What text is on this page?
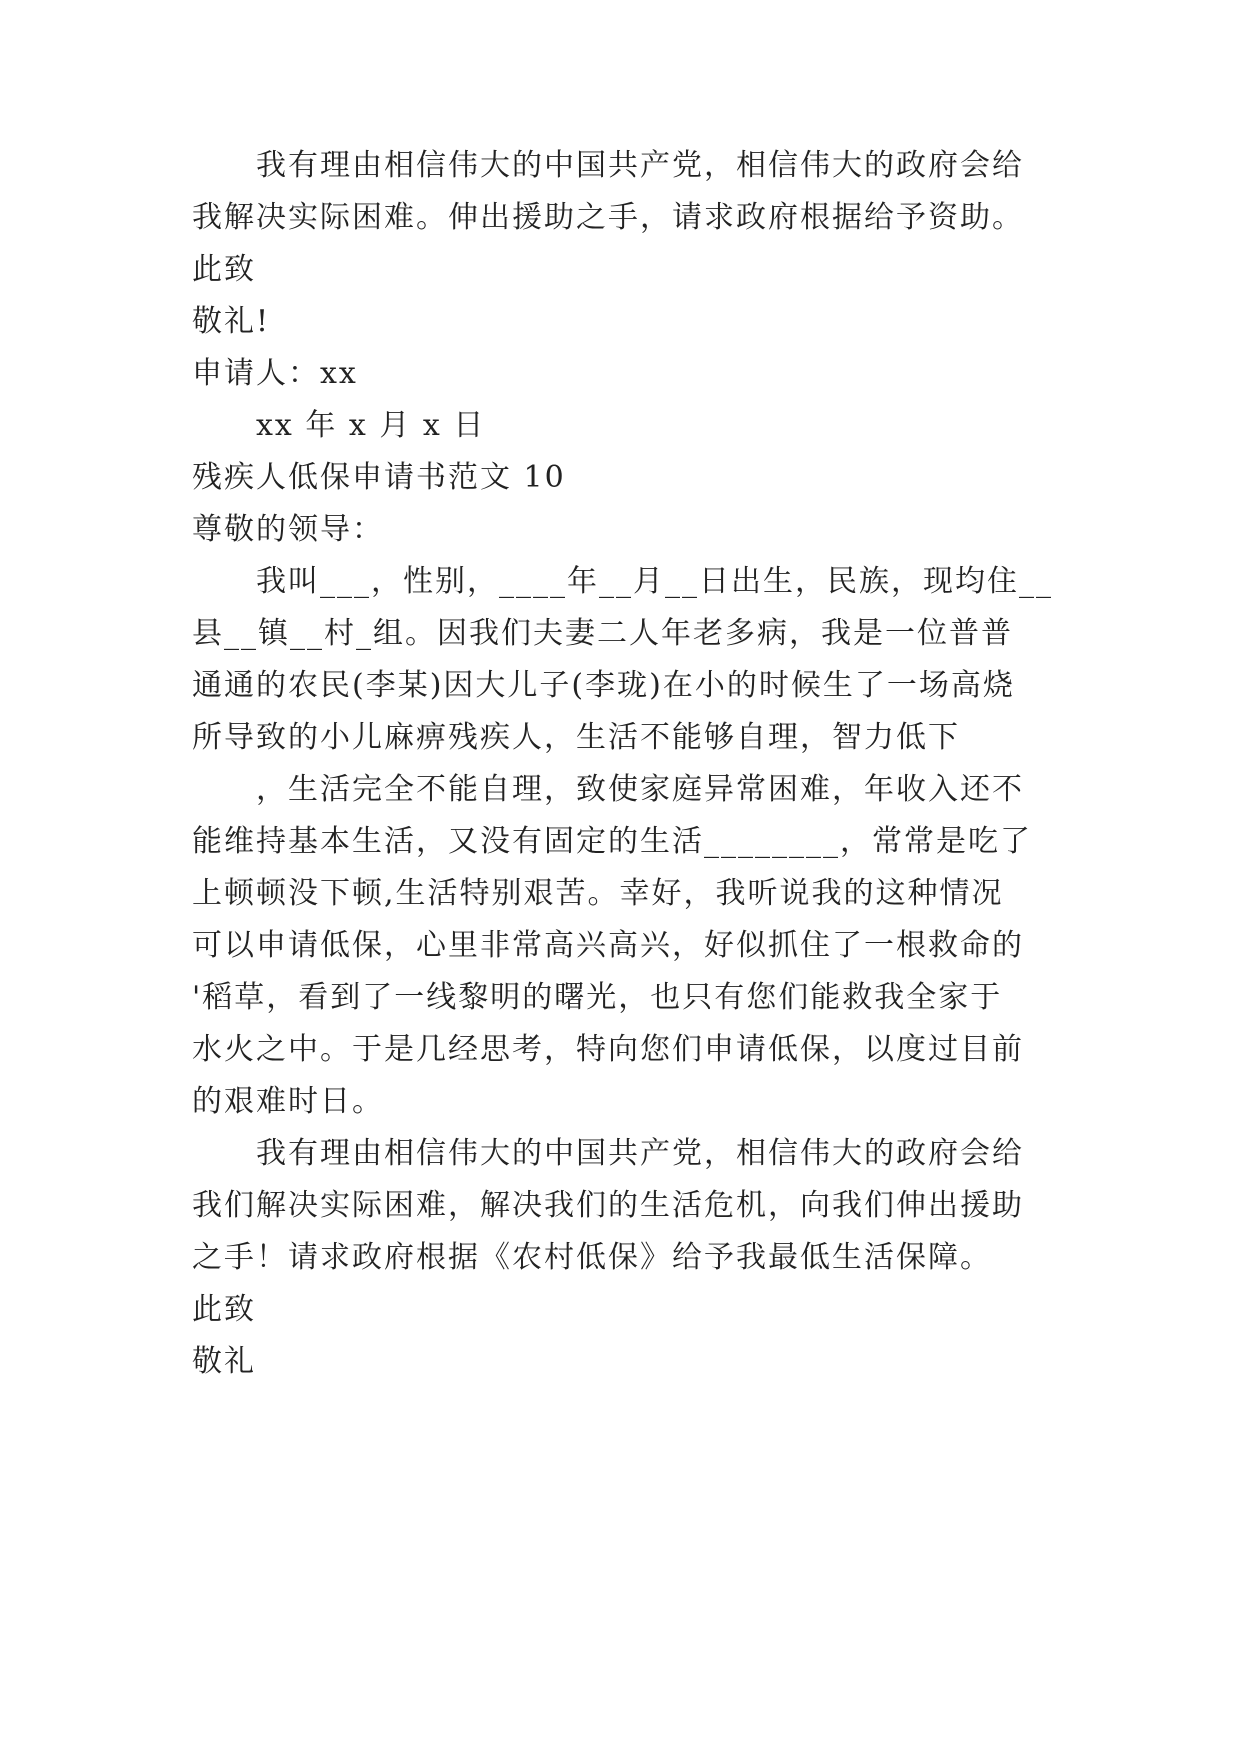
我有理由相信伟大的中国共产党，相信伟大的政府会给
我解决实际困难。伸出援助之手，请求政府根据给予资助。
此致
敬礼!
申请人：xx
xx 年 x 月 x 日
残疾人低保申请书范文 10
尊敬的领导：
我叫___，性别，____年__月__日出生，民族，现均住__
县__镇__村_组。因我们夫妻二人年老多病，我是一位普普
通通的农民(李某)因大儿子(李珑)在小的时候生了一场高烧
所导致的小儿麻痹残疾人，生活不能够自理，智力低下
，生活完全不能自理，致使家庭异常困难，年收入还不
能维持基本生活，又没有固定的生活________，常常是吃了
上顿顿没下顿,生活特别艰苦。幸好，我听说我的这种情况
可以申请低保，心里非常高兴高兴，好似抓住了一根救命的
'稻草，看到了一线黎明的曙光，也只有您们能救我全家于
水火之中。于是几经思考，特向您们申请低保，以度过目前
的艰难时日。
我有理由相信伟大的中国共产党，相信伟大的政府会给
我们解决实际困难，解决我们的生活危机，向我们伸出援助
之手！请求政府根据《农村低保》给予我最低生活保障。
此致
敬礼
